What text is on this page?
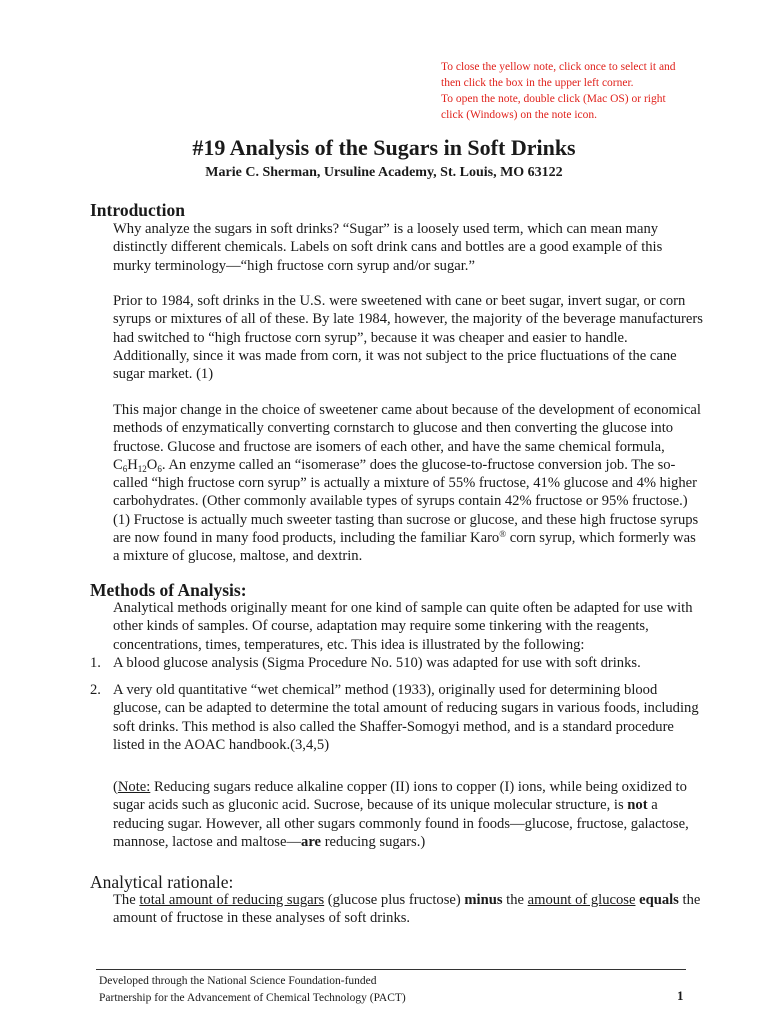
To close the yellow note, click once to select it and
then click the box in the upper left corner.
To open the note, double click (Mac OS) or right
click (Windows) on the note icon.
#19 Analysis of the Sugars in Soft Drinks
Marie C. Sherman, Ursuline Academy, St. Louis, MO 63122
Introduction

Why analyze the sugars in soft drinks? “Sugar” is a loosely used term, which can mean many distinctly different chemicals. Labels on soft drink cans and bottles are a good example of this murky terminology—“high fructose corn syrup and/or sugar.”

Prior to 1984, soft drinks in the U.S. were sweetened with cane or beet sugar, invert sugar, or corn syrups or mixtures of all of these. By late 1984, however, the majority of the beverage manufacturers had switched to “high fructose corn syrup”, because it was cheaper and easier to handle. Additionally, since it was made from corn, it was not subject to the price fluctuations of the cane sugar market. (1)

This major change in the choice of sweetener came about because of the development of economical methods of enzymatically converting cornstarch to glucose and then converting the glucose into fructose. Glucose and fructose are isomers of each other, and have the same chemical formula, $C_6H_{12}O_6$. An enzyme called an “isomerase” does the glucose-to-fructose conversion job. The so-called “high fructose corn syrup” is actually a mixture of 55% fructose, 41% glucose and 4% higher carbohydrates. (Other commonly available types of syrups contain 42% fructose or 95% fructose.) (1) Fructose is actually much sweeter tasting than sucrose or glucose, and these high fructose syrups are now found in many food products, including the familiar Karo® corn syrup, which formerly was a mixture of glucose, maltose, and dextrin.

Methods of Analysis:

Analytical methods originally meant for one kind of sample can quite often be adapted for use with other kinds of samples. Of course, adaptation may require some tinkering with the reagents, concentrations, times, temperatures, etc. This idea is illustrated by the following:

1. A blood glucose analysis (Sigma Procedure No. 510) was adapted for use with soft drinks.

2. A very old quantitative “wet chemical” method (1933), originally used for determining blood glucose, can be adapted to determine the total amount of reducing sugars in various foods, including soft drinks. This method is also called the Shaffer-Somogyi method, and is a standard procedure listed in the AOAC handbook.(3,4,5)

(Note: Reducing sugars reduce alkaline copper (II) ions to copper (I) ions, while being oxidized to sugar acids such as gluconic acid. Sucrose, because of its unique molecular structure, is not a reducing sugar. However, all other sugars commonly found in foods—glucose, fructose, galactose, mannose, lactose and maltose—are reducing sugars.)

Analytical rationale:

The total amount of reducing sugars (glucose plus fructose) minus the amount of glucose equals the amount of fructose in these analyses of soft drinks.

Developed through the National Science Foundation-funded
Partnership for the Advancement of Chemical Technology (PACT)	1
